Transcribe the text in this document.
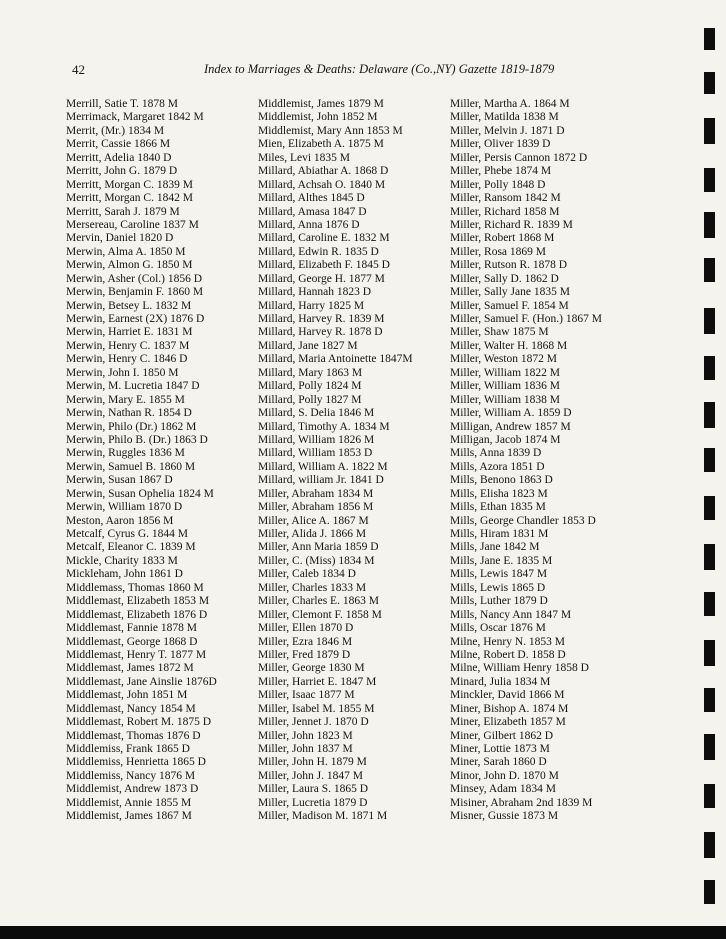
42	Index to Marriages & Deaths: Delaware (Co.,NY) Gazette 1819-1879
Merrill, Satie T. 1878 M
Merrimack, Margaret 1842 M
Merrit, (Mr.) 1834 M
Merrit, Cassie 1866 M
Merritt, Adelia 1840 D
Merritt, John G. 1879 D
Merritt, Morgan C. 1839 M
Merritt, Morgan C. 1842 M
Merritt, Sarah J. 1879 M
Mersereau, Caroline 1837 M
Mervin, Daniel 1820 D
Merwin, Alma A. 1850 M
Merwin, Almon G. 1850 M
Merwin, Asher (Col.) 1856 D
Merwin, Benjamin F. 1860 M
Merwin, Betsey L. 1832 M
Merwin, Earnest (2X) 1876 D
Merwin, Harriet E. 1831 M
Merwin, Henry C. 1837 M
Merwin, Henry C. 1846 D
Merwin, John I. 1850 M
Merwin, M. Lucretia 1847 D
Merwin, Mary E. 1855 M
Merwin, Nathan R. 1854 D
Merwin, Philo (Dr.) 1862 M
Merwin, Philo B. (Dr.) 1863 D
Merwin, Ruggles 1836 M
Merwin, Samuel B. 1860 M
Merwin, Susan 1867 D
Merwin, Susan Ophelia 1824 M
Merwin, William 1870 D
Meston, Aaron 1856 M
Metcalf, Cyrus G. 1844 M
Metcalf, Eleanor C. 1839 M
Mickle, Charity 1833 M
Mickleham, John 1861 D
Middlemass, Thomas 1860 M
Middlemast, Elizabeth 1853 M
Middlemast, Elizabeth 1876 D
Middlemast, Fannie 1878 M
Middlemast, George 1868 D
Middlemast, Henry T. 1877 M
Middlemast, James 1872 M
Middlemast, Jane Ainslie 1876D
Middlemast, John 1851 M
Middlemast, Nancy 1854 M
Middlemast, Robert M. 1875 D
Middlemast, Thomas 1876 D
Middlemiss, Frank 1865 D
Middlemiss, Henrietta 1865 D
Middlemiss, Nancy 1876 M
Middlemist, Andrew 1873 D
Middlemist, Annie 1855 M
Middlemist, James 1867 M
Middlemist, James 1879 M
Middlemist, John 1852 M
Middlemist, Mary Ann 1853 M
Mien, Elizabeth A. 1875 M
Miles, Levi 1835 M
Millard, Abiathar A. 1868 D
Millard, Achsah O. 1840 M
Millard, Althes 1845 D
Millard, Amasa 1847 D
Millard, Anna 1876 D
Millard, Caroline E. 1832 M
Millard, Edwin R. 1835 D
Millard, Elizabeth F. 1845 D
Millard, George H. 1877 M
Millard, Hannah 1823 D
Millard, Harry 1825 M
Millard, Harvey R. 1839 M
Millard, Harvey R. 1878 D
Millard, Jane 1827 M
Millard, Maria Antoinette 1847M
Millard, Mary 1863 M
Millard, Polly 1824 M
Millard, Polly 1827 M
Millard, S. Delia 1846 M
Millard, Timothy A. 1834 M
Millard, William 1826 M
Millard, William 1853 D
Millard, William A. 1822 M
Millard, william Jr. 1841 D
Miller, Abraham 1834 M
Miller, Abraham 1856 M
Miller, Alice A. 1867 M
Miller, Alida J. 1866 M
Miller, Ann Maria 1859 D
Miller, C. (Miss) 1834 M
Miller, Caleb 1834 D
Miller, Charles 1833 M
Miller, Charles E. 1863 M
Miller, Clemont F. 1858 M
Miller, Ellen 1870 D
Miller, Ezra 1846 M
Miller, Fred 1879 D
Miller, George 1830 M
Miller, Harriet E. 1847 M
Miller, Isaac 1877 M
Miller, Isabel M. 1855 M
Miller, Jennet J. 1870 D
Miller, John 1823 M
Miller, John 1837 M
Miller, John H. 1879 M
Miller, John J. 1847 M
Miller, Laura S. 1865 D
Miller, Lucretia 1879 D
Miller, Madison M. 1871 M
Miller, Martha A. 1864 M
Miller, Matilda 1838 M
Miller, Melvin J. 1871 D
Miller, Oliver 1839 D
Miller, Persis Cannon 1872 D
Miller, Phebe 1874 M
Miller, Polly 1848 D
Miller, Ransom 1842 M
Miller, Richard 1858 M
Miller, Richard R. 1839 M
Miller, Robert 1868 M
Miller, Rosa 1869 M
Miller, Rutson R. 1878 D
Miller, Sally D. 1862 D
Miller, Sally Jane 1835 M
Miller, Samuel F. 1854 M
Miller, Samuel F. (Hon.) 1867 M
Miller, Shaw 1875 M
Miller, Walter H. 1868 M
Miller, Weston 1872 M
Miller, William 1822 M
Miller, William 1836 M
Miller, William 1838 M
Miller, William A. 1859 D
Milligan, Andrew 1857 M
Milligan, Jacob 1874 M
Mills, Anna 1839 D
Mills, Azora 1851 D
Mills, Benono 1863 D
Mills, Elisha 1823 M
Mills, Ethan 1835 M
Mills, George Chandler 1853 D
Mills, Hiram 1831 M
Mills, Jane 1842 M
Mills, Jane E. 1835 M
Mills, Lewis 1847 M
Mills, Lewis 1865 D
Mills, Luther 1879 D
Mills, Nancy Ann 1847 M
Mills, Oscar 1876 M
Milne, Henry N. 1853 M
Milne, Robert D. 1858 D
Milne, William Henry 1858 D
Minard, Julia 1834 M
Minckler, David 1866 M
Miner, Bishop A. 1874 M
Miner, Elizabeth 1857 M
Miner, Gilbert 1862 D
Miner, Lottie 1873 M
Miner, Sarah 1860 D
Minor, John D. 1870 M
Minsey, Adam 1834 M
Misiner, Abraham 2nd 1839 M
Misner, Gussie 1873 M
